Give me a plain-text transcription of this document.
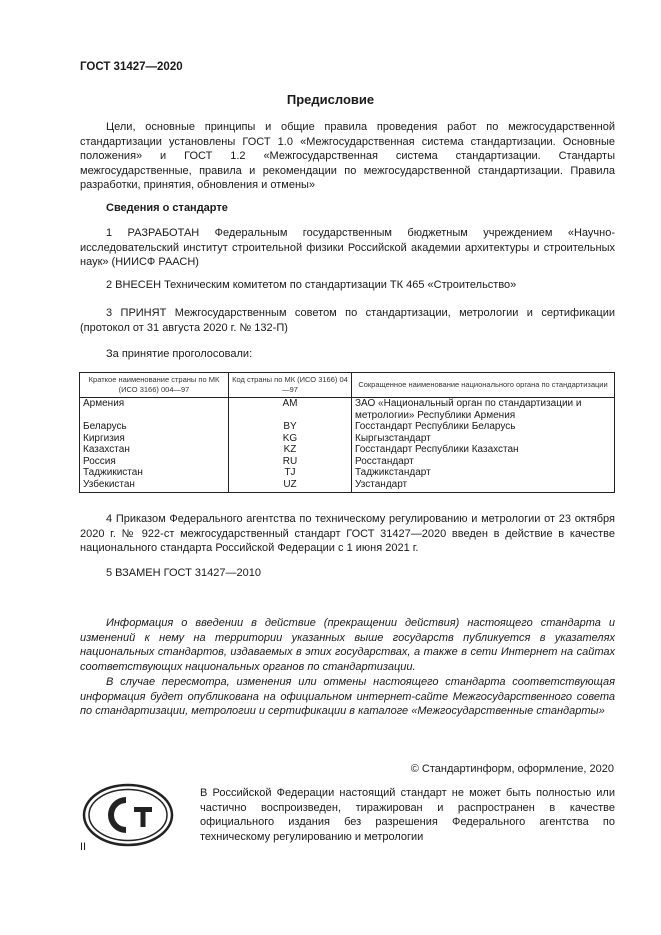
ГОСТ 31427—2020
Предисловие
Цели, основные принципы и общие правила проведения работ по межгосударственной стандартизации установлены ГОСТ 1.0 «Межгосударственная система стандартизации. Основные положения» и ГОСТ 1.2 «Межгосударственная система стандартизации. Стандарты межгосударственные, правила и рекомендации по межгосударственной стандартизации. Правила разработки, принятия, обновления и отмены»
Сведения о стандарте
1 РАЗРАБОТАН Федеральным государственным бюджетным учреждением «Научно-исследовательский институт строительной физики Российской академии архитектуры и строительных наук» (НИИСФ РААСН)
2 ВНЕСЕН Техническим комитетом по стандартизации ТК 465 «Строительство»
3 ПРИНЯТ Межгосударственным советом по стандартизации, метрологии и сертификации (протокол от 31 августа 2020 г. № 132-П)
За принятие проголосовали:
Краткое наименование страны по МК (ИСО 3166) 004—97	Код страны по МК (ИСО 3166) 04—97	Сокращенное наименование национального органа по стандартизации
Армения	AM	ЗАО «Национальный орган по стандартизации и метрологии» Республики Армения
Беларусь	BY	Госстандарт Республики Беларусь
Киргизия	KG	Кыргызстандарт
Казахстан	KZ	Госстандарт Республики Казахстан
Россия	RU	Росстандарт
Таджикистан	TJ	Таджикстандарт
Узбекистан	UZ	Узстандарт
4 Приказом Федерального агентства по техническому регулированию и метрологии от 23 октября 2020 г. № 922-ст межгосударственный стандарт ГОСТ 31427—2020 введен в действие в качестве национального стандарта Российской Федерации с 1 июня 2021 г.
5 ВЗАМЕН ГОСТ 31427—2010
Информация о введении в действие (прекращении действия) настоящего стандарта и изменений к нему на территории указанных выше государств публикуется в указателях национальных стандартов, издаваемых в этих государствах, а также в сети Интернет на сайтах соответствующих национальных органов по стандартизации.
В случае пересмотра, изменения или отмены настоящего стандарта соответствующая информация будет опубликована на официальном интернет-сайте Межгосударственного совета по стандартизации, метрологии и сертификации в каталоге «Межгосударственные стандарты»
© Стандартинформ, оформление, 2020
В Российской Федерации настоящий стандарт не может быть полностью или частично воспроизведен, тиражирован и распространен в качестве официального издания без разрешения Федерального агентства по техническому регулированию и метрологии
II
